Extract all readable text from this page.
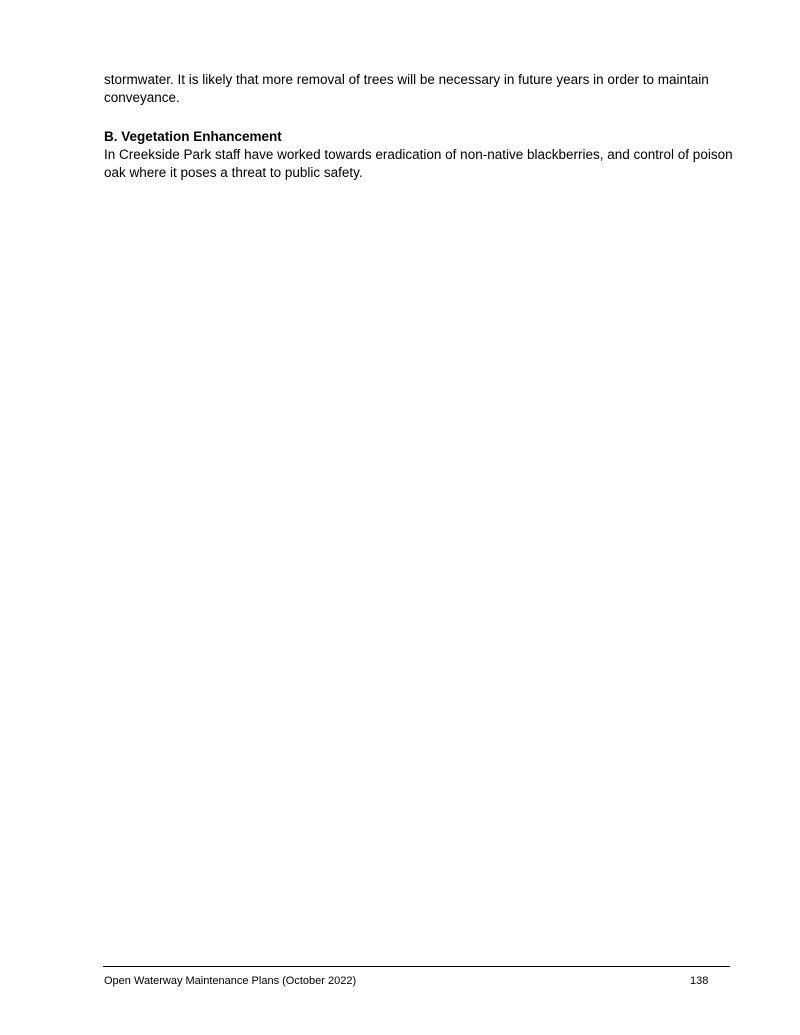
stormwater. It is likely that more removal of trees will be necessary in future years in order to maintain conveyance.

B. Vegetation Enhancement

In Creekside Park staff have worked towards eradication of non-native blackberries, and control of poison oak where it poses a threat to public safety.

Open Waterway Maintenance Plans (October 2022)	138
